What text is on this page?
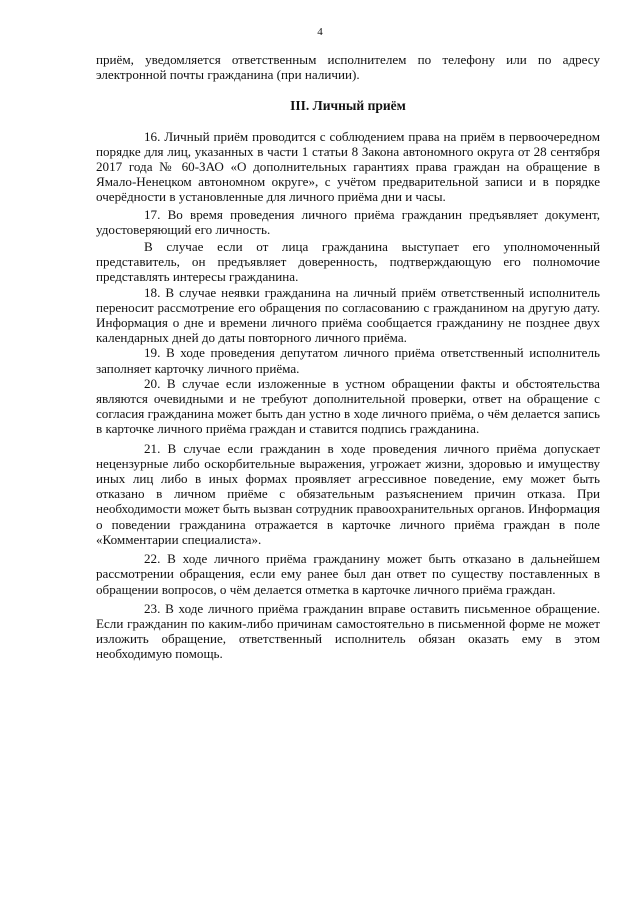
4

приём, уведомляется ответственным исполнителем по телефону или по адресу электронной почты гражданина (при наличии).

III. Личный приём

16. Личный приём проводится с соблюдением права на приём в первоочередном порядке для лиц, указанных в части 1 статьи 8 Закона автономного округа от 28 сентября 2017 года № 60-ЗАО «О дополнительных гарантиях права граждан на обращение в Ямало-Ненецком автономном округе», с учётом предварительной записи и в порядке очерёдности в установленные для личного приёма дни и часы.

17. Во время проведения личного приёма гражданин предъявляет документ, удостоверяющий его личность.

В случае если от лица гражданина выступает его уполномоченный представитель, он предъявляет доверенность, подтверждающую его полномочие представлять интересы гражданина.

18. В случае неявки гражданина на личный приём ответственный исполнитель переносит рассмотрение его обращения по согласованию с гражданином на другую дату. Информация о дне и времени личного приёма сообщается гражданину не позднее двух календарных дней до даты повторного личного приёма.

19. В ходе проведения депутатом личного приёма ответственный исполнитель заполняет карточку личного приёма.

20. В случае если изложенные в устном обращении факты и обстоятельства являются очевидными и не требуют дополнительной проверки, ответ на обращение с согласия гражданина может быть дан устно в ходе личного приёма, о чём делается запись в карточке личного приёма граждан и ставится подпись гражданина.

21. В случае если гражданин в ходе проведения личного приёма допускает нецензурные либо оскорбительные выражения, угрожает жизни, здоровью и имуществу иных лиц либо в иных формах проявляет агрессивное поведение, ему может быть отказано в личном приёме с обязательным разъяснением причин отказа. При необходимости может быть вызван сотрудник правоохранительных органов. Информация о поведении гражданина отражается в карточке личного приёма граждан в поле «Комментарии специалиста».

22. В ходе личного приёма гражданину может быть отказано в дальнейшем рассмотрении обращения, если ему ранее был дан ответ по существу поставленных в обращении вопросов, о чём делается отметка в карточке личного приёма граждан.

23. В ходе личного приёма гражданин вправе оставить письменное обращение. Если гражданин по каким-либо причинам самостоятельно в письменной форме не может изложить обращение, ответственный исполнитель обязан оказать ему в этом необходимую помощь.
